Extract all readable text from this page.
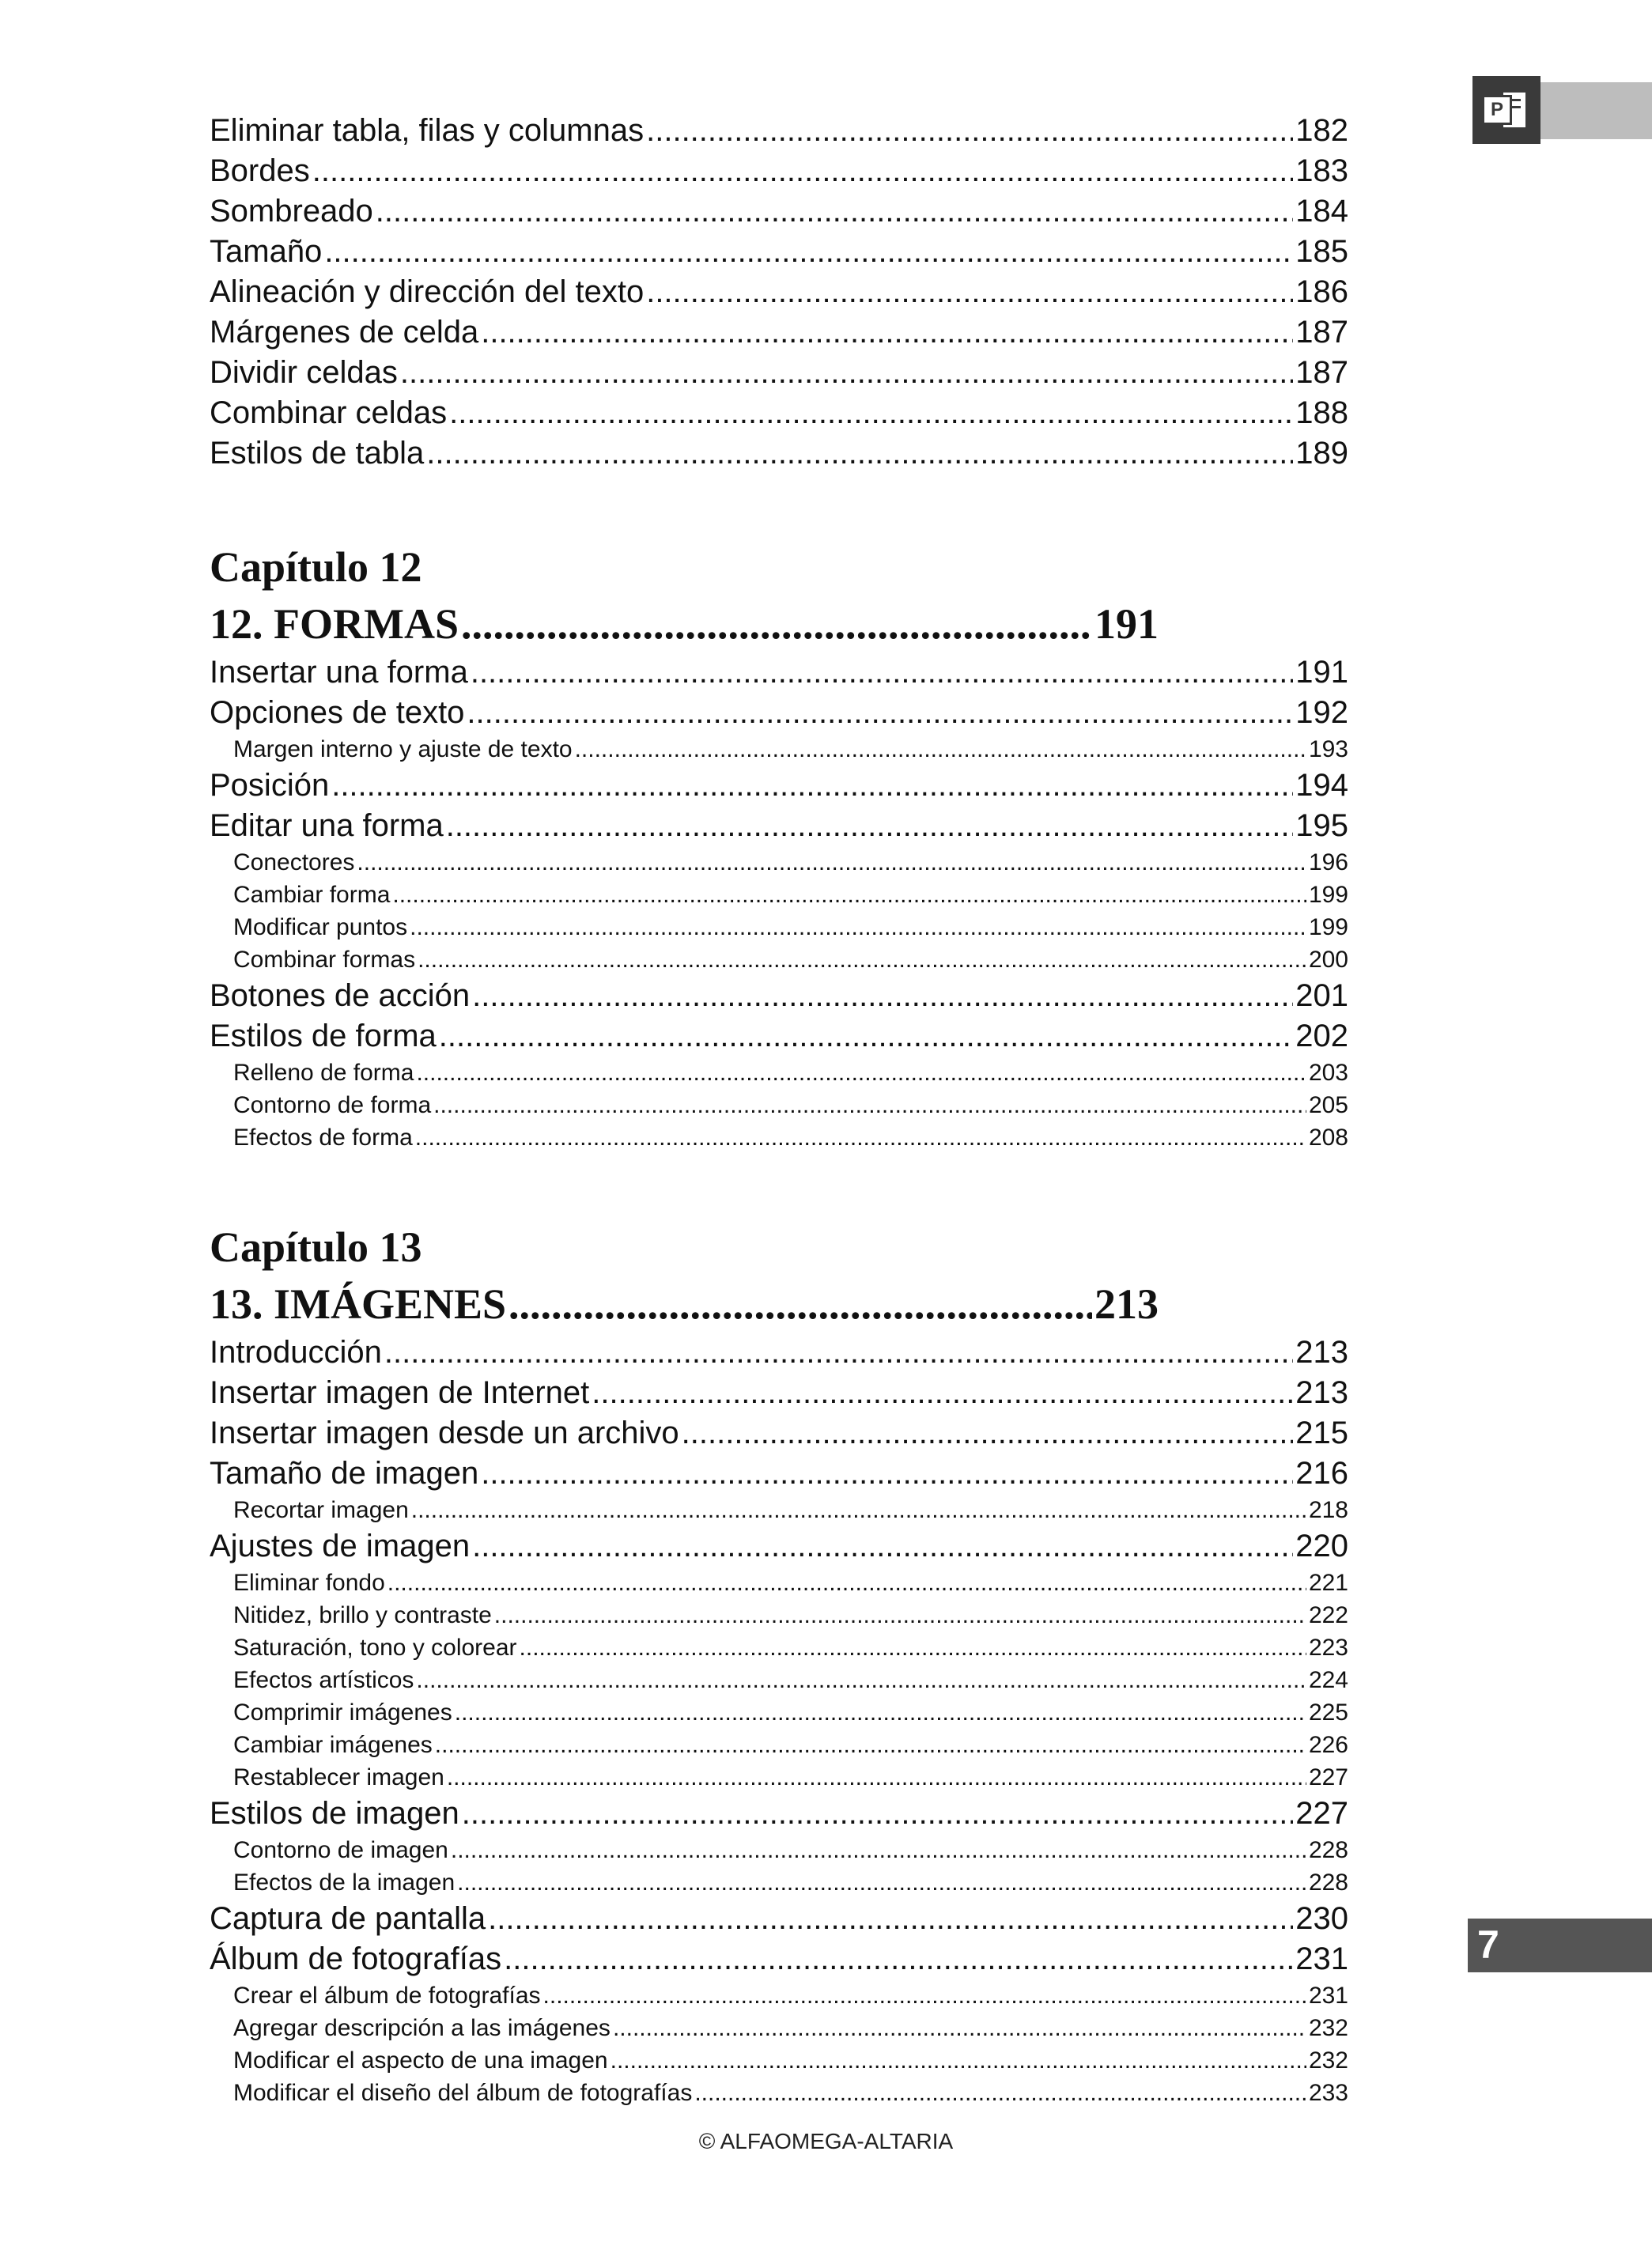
P
7
Eliminar tabla, filas y columnas .....	182
Bordes .....	183
Sombreado .....	184
Tamaño .....	185
Alineación y dirección del texto .....	186
Márgenes de celda .....	187
Dividir celdas .....	187
Combinar celdas .....	188
Estilos de tabla .....	189
Capítulo 12
12. FORMAS .....	191
Insertar una forma .....	191
Opciones de texto .....	192
Margen interno y ajuste de texto .....	193
Posición .....	194
Editar una forma .....	195
Conectores .....	196
Cambiar forma .....	199
Modificar puntos .....	199
Combinar formas .....	200
Botones de acción .....	201
Estilos de forma .....	202
Relleno de forma .....	203
Contorno de forma .....	205
Efectos de forma .....	208
Capítulo 13
13. IMÁGENES .....	213
Introducción .....	213
Insertar imagen de Internet .....	213
Insertar imagen desde un archivo .....	215
Tamaño de imagen .....	216
Recortar imagen .....	218
Ajustes de imagen .....	220
Eliminar fondo .....	221
Nitidez, brillo y contraste .....	222
Saturación, tono y colorear .....	223
Efectos artísticos .....	224
Comprimir imágenes .....	225
Cambiar imágenes .....	226
Restablecer imagen .....	227
Estilos de imagen .....	227
Contorno de imagen .....	228
Efectos de la imagen .....	228
Captura de pantalla .....	230
Álbum de fotografías .....	231
Crear el álbum de fotografías .....	231
Agregar descripción a las imágenes .....	232
Modificar el aspecto de una imagen .....	232
Modificar el diseño del álbum de fotografías .....	233
© ALFAOMEGA-ALTARIA
